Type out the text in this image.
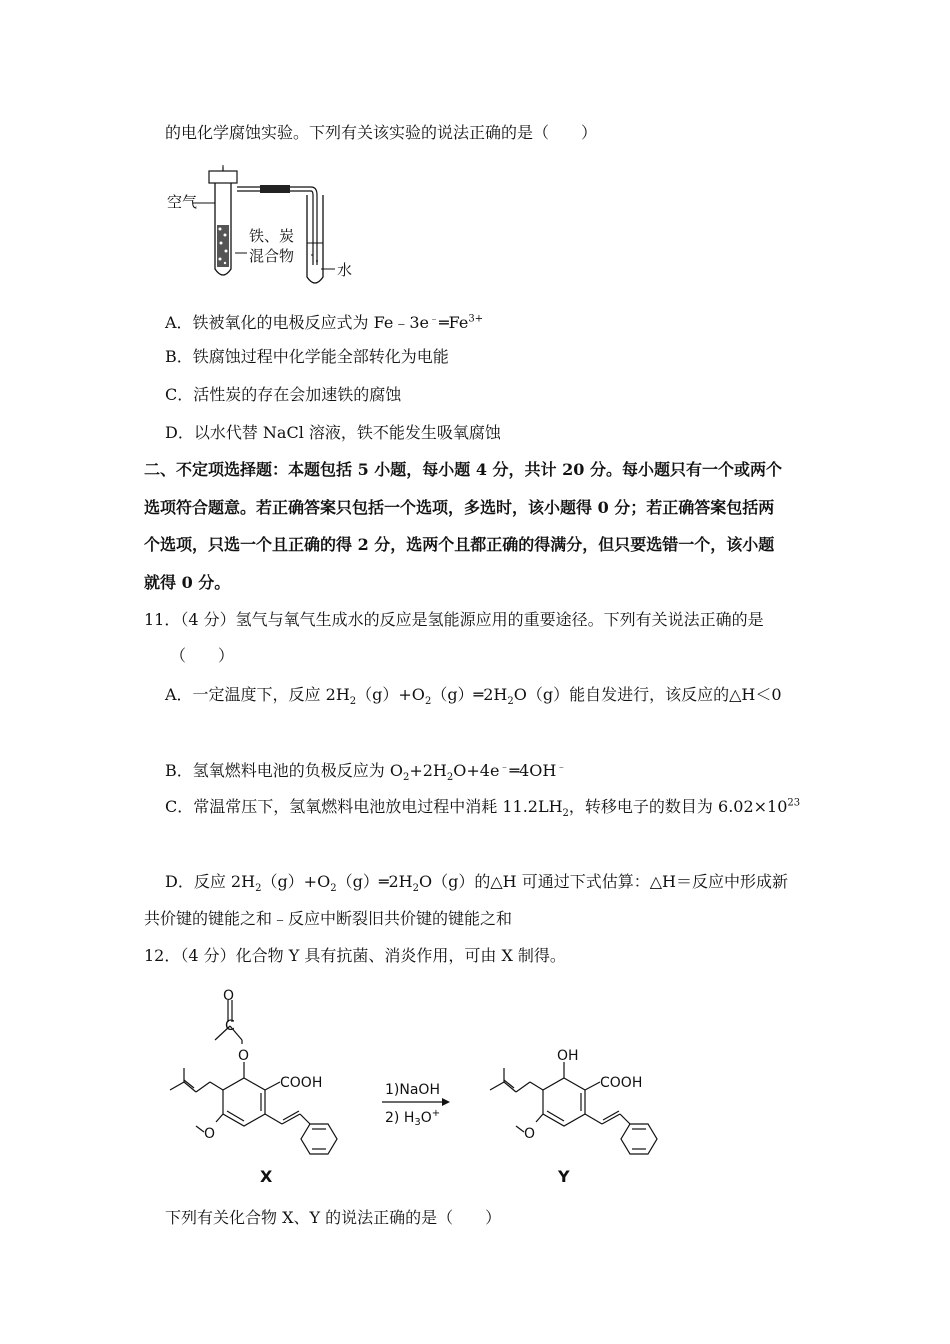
的电化学腐蚀实验。下列有关该实验的说法正确的是（　　）
空气
铁、炭
混合物
水
A．铁被氧化的电极反应式为 $Fe﹣3e^﹣═Fe^{3+}$
B．铁腐蚀过程中化学能全部转化为电能
C．活性炭的存在会加速铁的腐蚀
D．以水代替 NaCl 溶液，铁不能发生吸氧腐蚀
二、不定项选择题：本题包括 5 小题，每小题 4 分，共计 20 分。每小题只有一个或两个
选项符合题意。若正确答案只包括一个选项，多选时，该小题得 0 分；若正确答案包括两
个选项，只选一个且正确的得 2 分，选两个且都正确的得满分，但只要选错一个，该小题
就得 0 分。
11．（4 分）氢气与氧气生成水的反应是氢能源应用的重要途径。下列有关说法正确的是
（　　）
A．一定温度下，反应 $2H_2(g)+O_2(g)═2H_2O(g)$能自发进行，该反应的△H＜0
B．氢氧燃料电池的负极反应为 $O_2+2H_2O+4e^﹣═4OH^﹣$
C．常温常压下，氢氧燃料电池放电过程中消耗 $11.2LH_2$，转移电子的数目为 $6.02\times 10^{23}$
D．反应 $2H_2(g)+O_2(g)═2H_2O(g)$的△H 可通过下式估算：△H＝反应中形成新
共价键的键能之和﹣反应中断裂旧共价键的键能之和
12．（4 分）化合物 Y 具有抗菌、消炎作用，可由 X 制得。
O
C
O
COOH
O
X
1)NaOH
2) $H_3O^+$
OH
COOH
O
Y
下列有关化合物 X、Y 的说法正确的是（　　）
